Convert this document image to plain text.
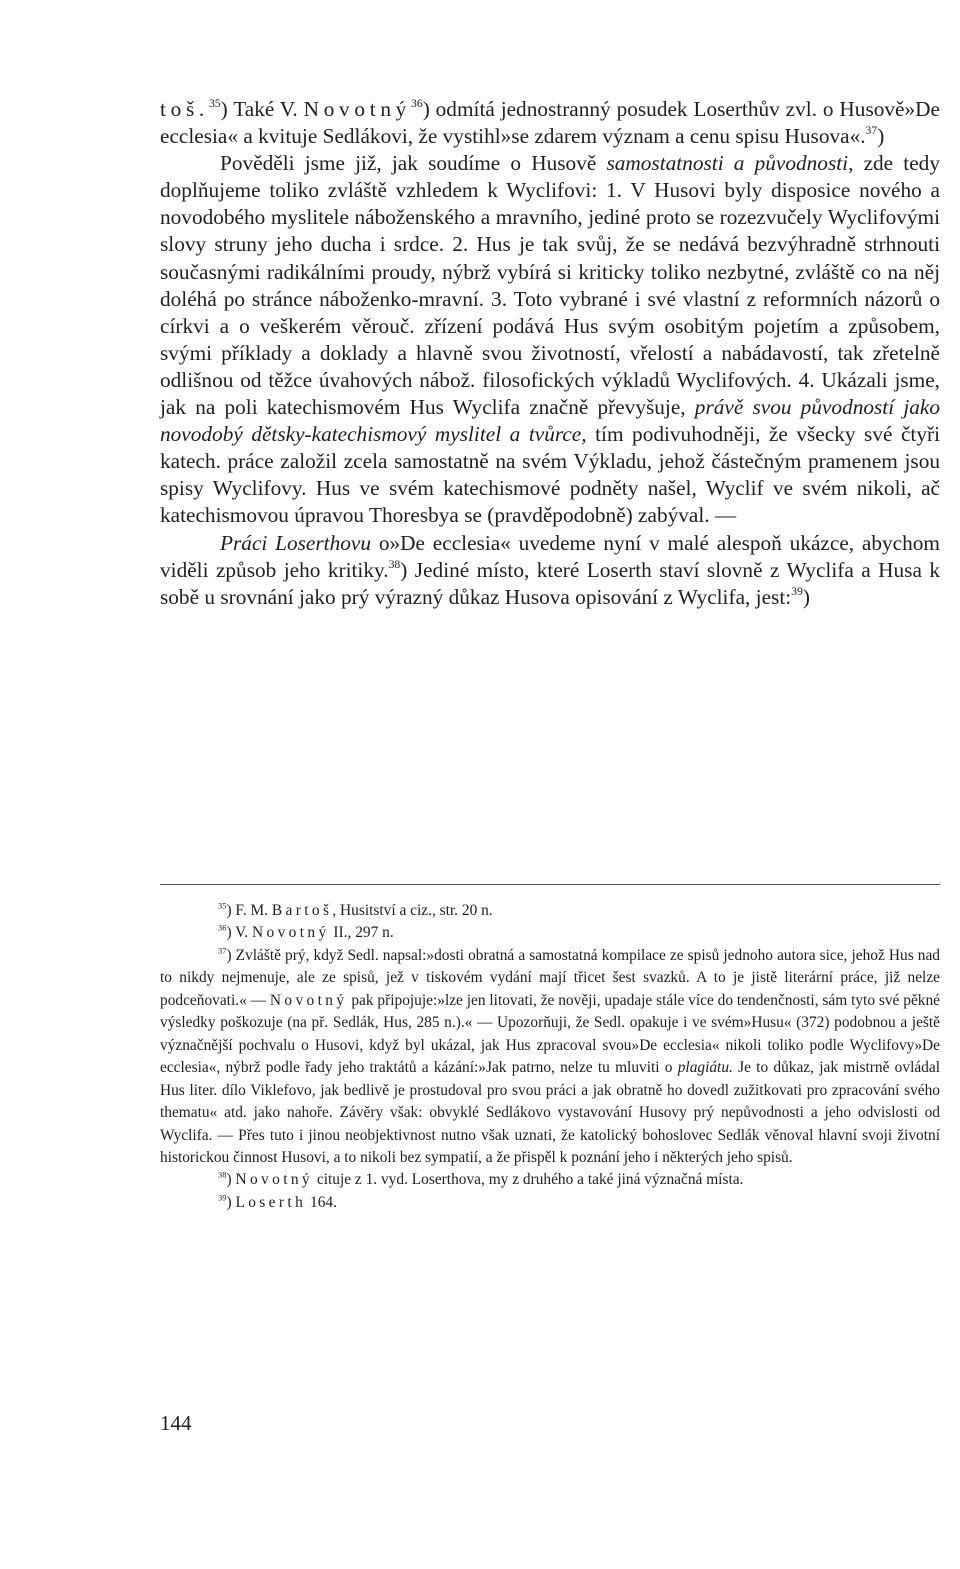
toš.$^{35}$) Také V. Novotný$^{36}$) odmítá jednostranný posudek Loserthův zvl. o Husově»De ecclesia« a kvituje Sedlákovi, že vystihl»se zdarem význam a cenu spisu Husova«.$^{37}$)

Pověděli jsme již, jak soudíme o Husově samostatnosti a původnosti, zde tedy doplňujeme toliko zvláště vzhledem k Wyclifovi: 1. V Husovi byly disposice nového a novodobého myslitele náboženského a mravního, jediné proto se rozezvučely Wyclifovými slovy struny jeho ducha i srdce. 2. Hus je tak svůj, že se nedává bezvýhradně strhnouti současnými radikálními proudy, nýbrž vybírá si kriticky toliko nezbytné, zvláště co na něj doléhá po stránce náboženko-mravní. 3. Toto vybrané i své vlastní z reformních názorů o církvi a o veškerém věrouč. zřízení podává Hus svým osobitým pojetím a způsobem, svými příklady a doklady a hlavně svou životností, vřelostí a nabádavostí, tak zřetelně odlišnou od těžce úvahových nábož. filosofických výkladů Wyclifových. 4. Ukázali jsme, jak na poli katechismovém Hus Wyclifa značně převyšuje, právě svou původností jako novodobý dětsky-katechismový myslitel a tvůrce, tím podivuhodněji, že všecky své čtyři katech. práce založil zcela samostatně na svém Výkladu, jehož částečným pramenem jsou spisy Wyclifovy. Hus ve svém katechismové podněty našel, Wyclif ve svém nikoli, ač katechismovou úpravou Thoresbya se (pravděpodobně) zabýval. —

Práci Loserthovu o»De ecclesia« uvedeme nyní v malé alespoň ukázce, abychom viděli způsob jeho kritiky.$^{38}$) Jediné místo, které Loserth staví slovně z Wyclifa a Husa k sobě u srovnání jako prý výrazný důkaz Husova opisování z Wyclifa, jest:$^{39}$)

$^{35}$) F. M. Bartoš, Husitství a ciz., str. 20 n.

$^{36}$) V. Novotný II., 297 n.

$^{37}$) Zvláště prý, když Sedl. napsal:»dosti obratná a samostatná kompilace ze spisů jednoho autora sice, jehož Hus nad to nikdy nejmenuje, ale ze spisů, jež v tiskovém vydání mají třicet šest svazků. A to je jistě literární práce, již nelze podceňovati.« — Novotný pak připojuje:»lze jen litovati, že nověji, upadaje stále více do tendenčnosti, sám tyto své pěkné výsledky poškozuje (na př. Sedlák, Hus, 285 n.).« — Upozorňuji, že Sedl. opakuje i ve svém»Husu« (372) podobnou a ještě význačnější pochvalu o Husovi, když byl ukázal, jak Hus zpracoval svou»De ecclesia« nikoli toliko podle Wyclifovy»De ecclesia«, nýbrž podle řady jeho traktátů a kázání:»Jak patrno, nelze tu mluviti o plagiátu. Je to důkaz, jak mistrně ovládal Hus liter. dílo Viklefovo, jak bedlivě je prostudoval pro svou práci a jak obratně ho dovedl zužitkovati pro zpracování svého thematu« atd. jako nahoře. Závěry však: obvyklé Sedlákovo vystavování Husovy prý nepůvodnosti a jeho odvislosti od Wyclifa. — Přes tuto i jinou neobjektivnost nutno však uznati, že katolický bohoslovec Sedlák věnoval hlavní svoji životní historickou činnost Husovi, a to nikoli bez sympatií, a že přispěl k poznání jeho i některých jeho spisů.

$^{38}$) Novotný cituje z 1. vyd. Loserthova, my z druhého a také jiná význačná místa.

$^{39}$) Loserth 164.

144
